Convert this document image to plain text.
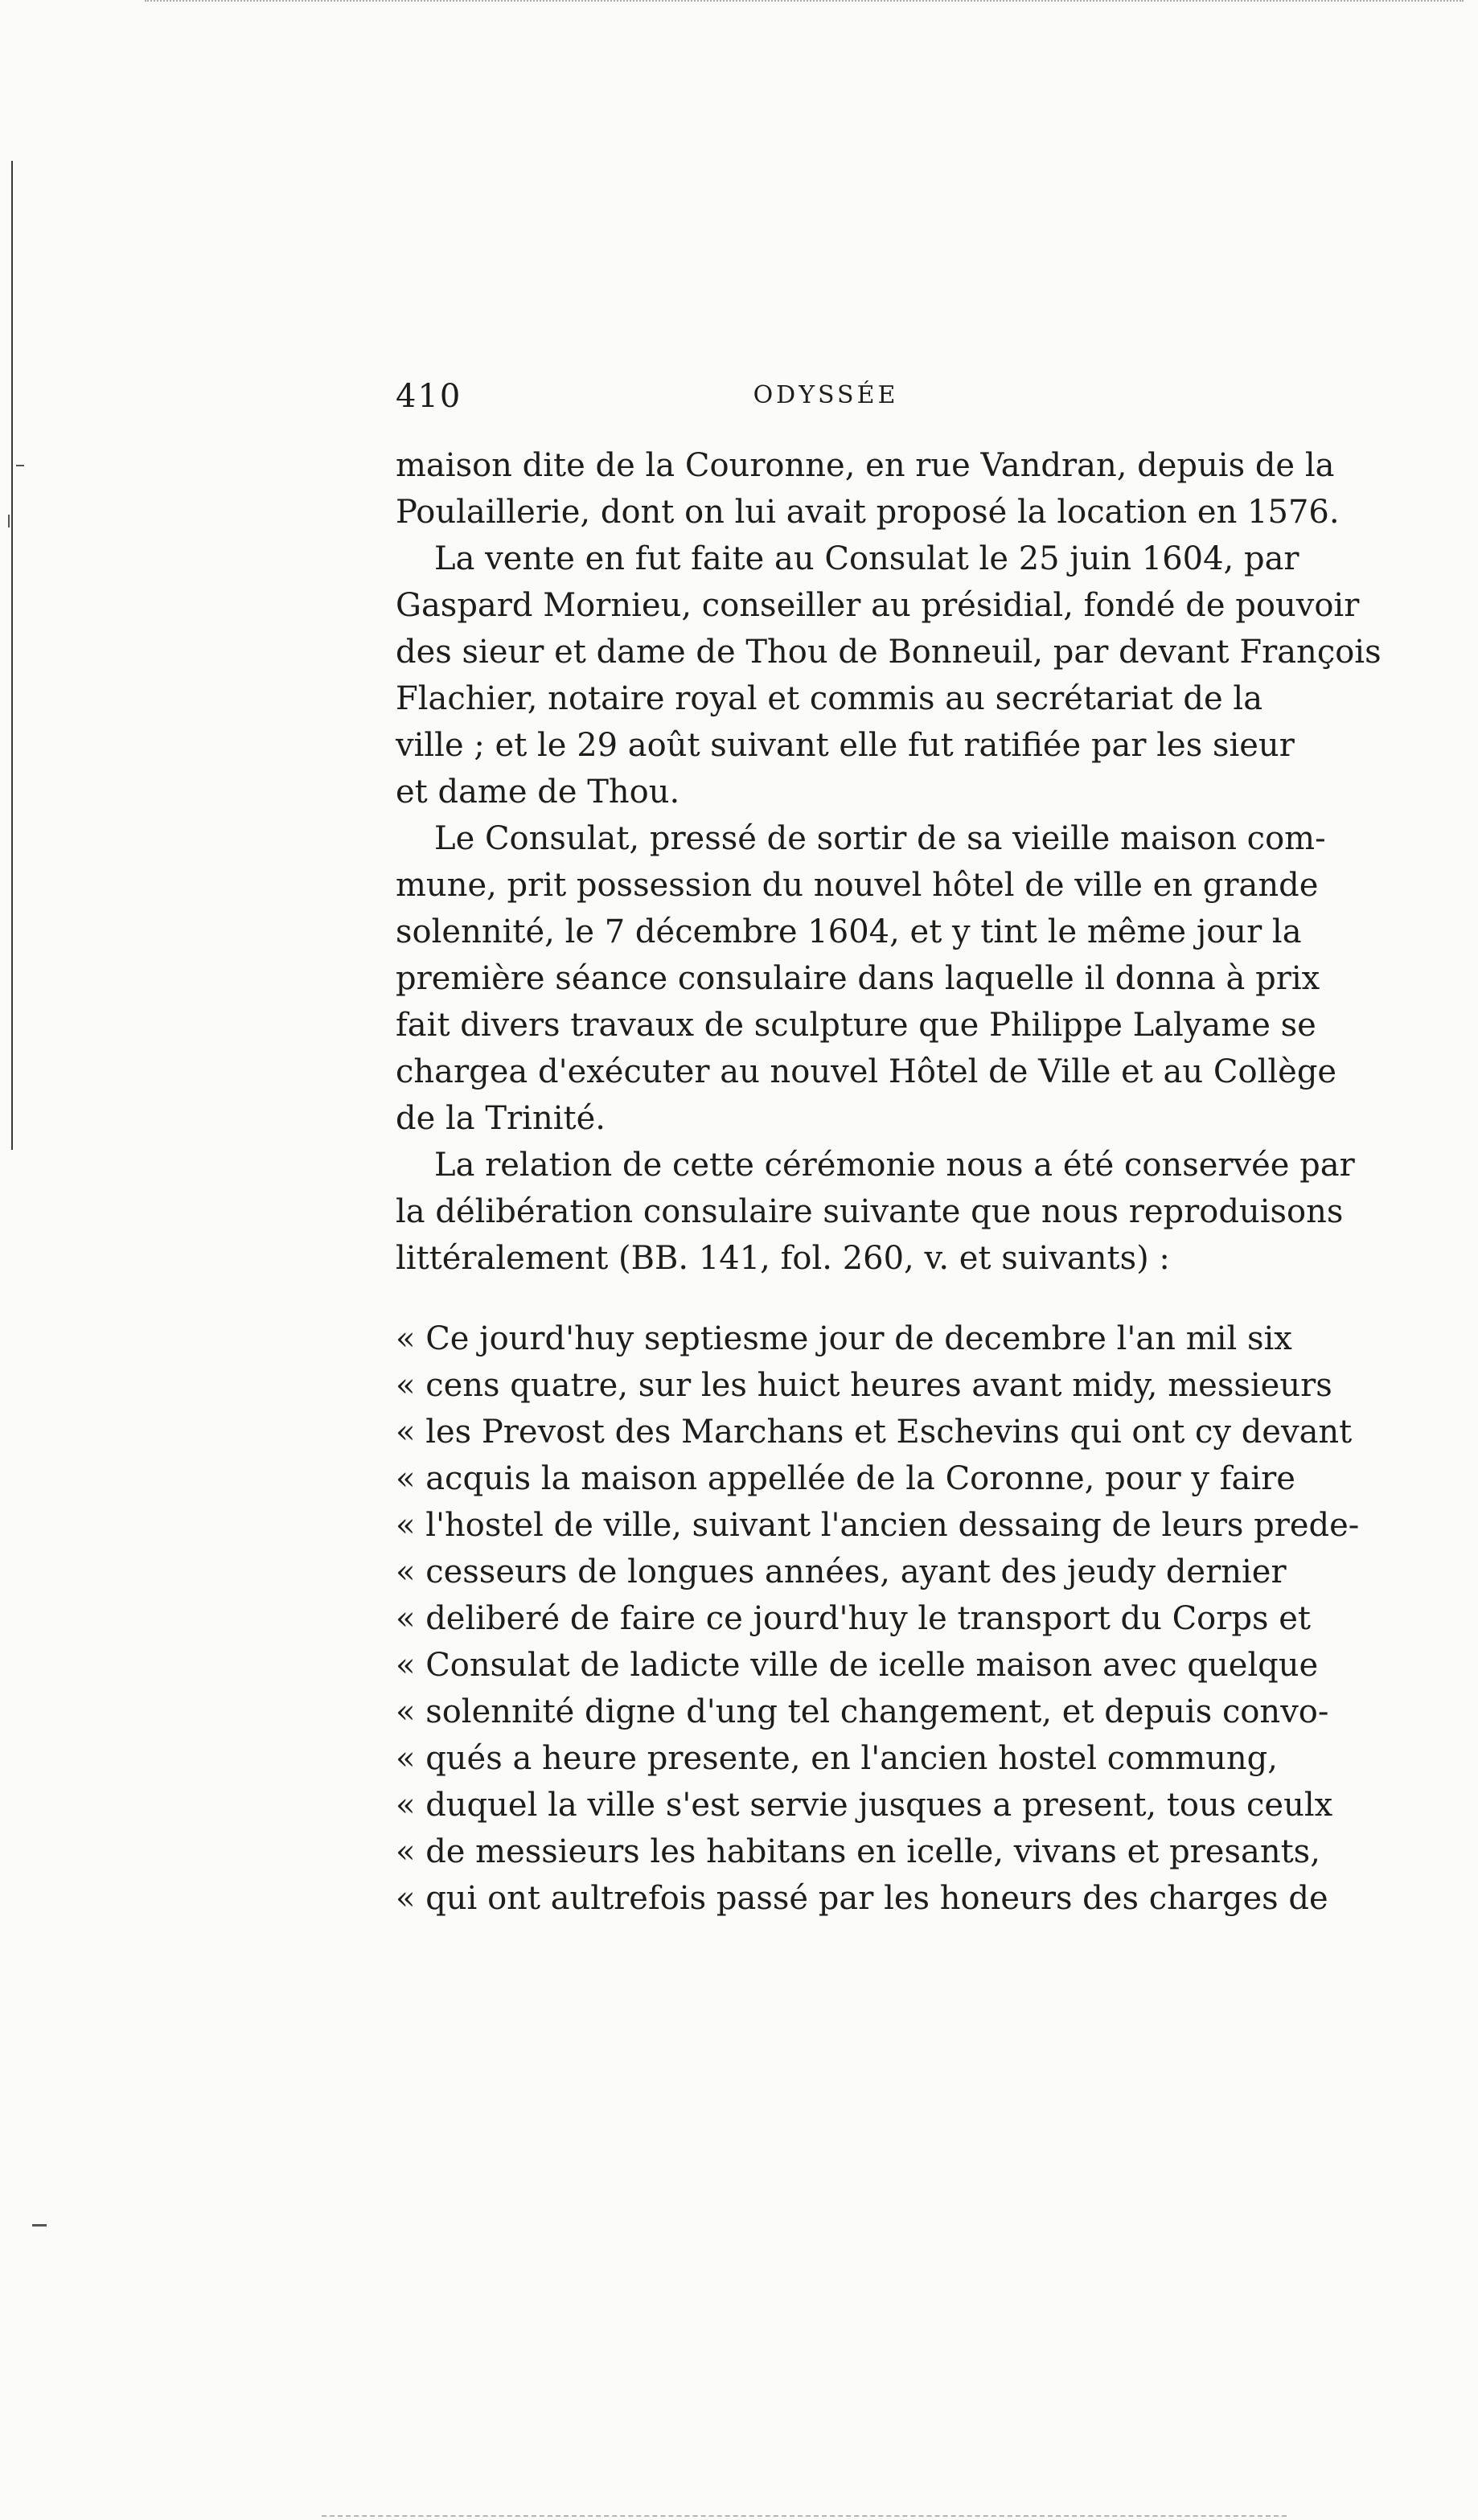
410	ODYSSÉE
maison dite de la Couronne, en rue Vandran, depuis de la
Poulaillerie, dont on lui avait proposé la location en 1576.
La vente en fut faite au Consulat le 25 juin 1604, par
Gaspard Mornieu, conseiller au présidial, fondé de pouvoir
des sieur et dame de Thou de Bonneuil, par devant François
Flachier, notaire royal et commis au secrétariat de la
ville ; et le 29 août suivant elle fut ratifiée par les sieur
et dame de Thou.
Le Consulat, pressé de sortir de sa vieille maison com-
mune, prit possession du nouvel hôtel de ville en grande
solennité, le 7 décembre 1604, et y tint le même jour la
première séance consulaire dans laquelle il donna à prix
fait divers travaux de sculpture que Philippe Lalyame se
chargea d'exécuter au nouvel Hôtel de Ville et au Collège
de la Trinité.
La relation de cette cérémonie nous a été conservée par
la délibération consulaire suivante que nous reproduisons
littéralement (BB. 141, fol. 260, v. et suivants) :
« Ce jourd'huy septiesme jour de decembre l'an mil six
« cens quatre, sur les huict heures avant midy, messieurs
« les Prevost des Marchans et Eschevins qui ont cy devant
« acquis la maison appellée de la Coronne, pour y faire
« l'hostel de ville, suivant l'ancien dessaing de leurs prede-
« cesseurs de longues années, ayant des jeudy dernier
« deliberé de faire ce jourd'huy le transport du Corps et
« Consulat de ladicte ville de icelle maison avec quelque
« solennité digne d'ung tel changement, et depuis convo-
« qués a heure presente, en l'ancien hostel commung,
« duquel la ville s'est servie jusques a present, tous ceulx
« de messieurs les habitans en icelle, vivans et presants,
« qui ont aultrefois passé par les honeurs des charges de
